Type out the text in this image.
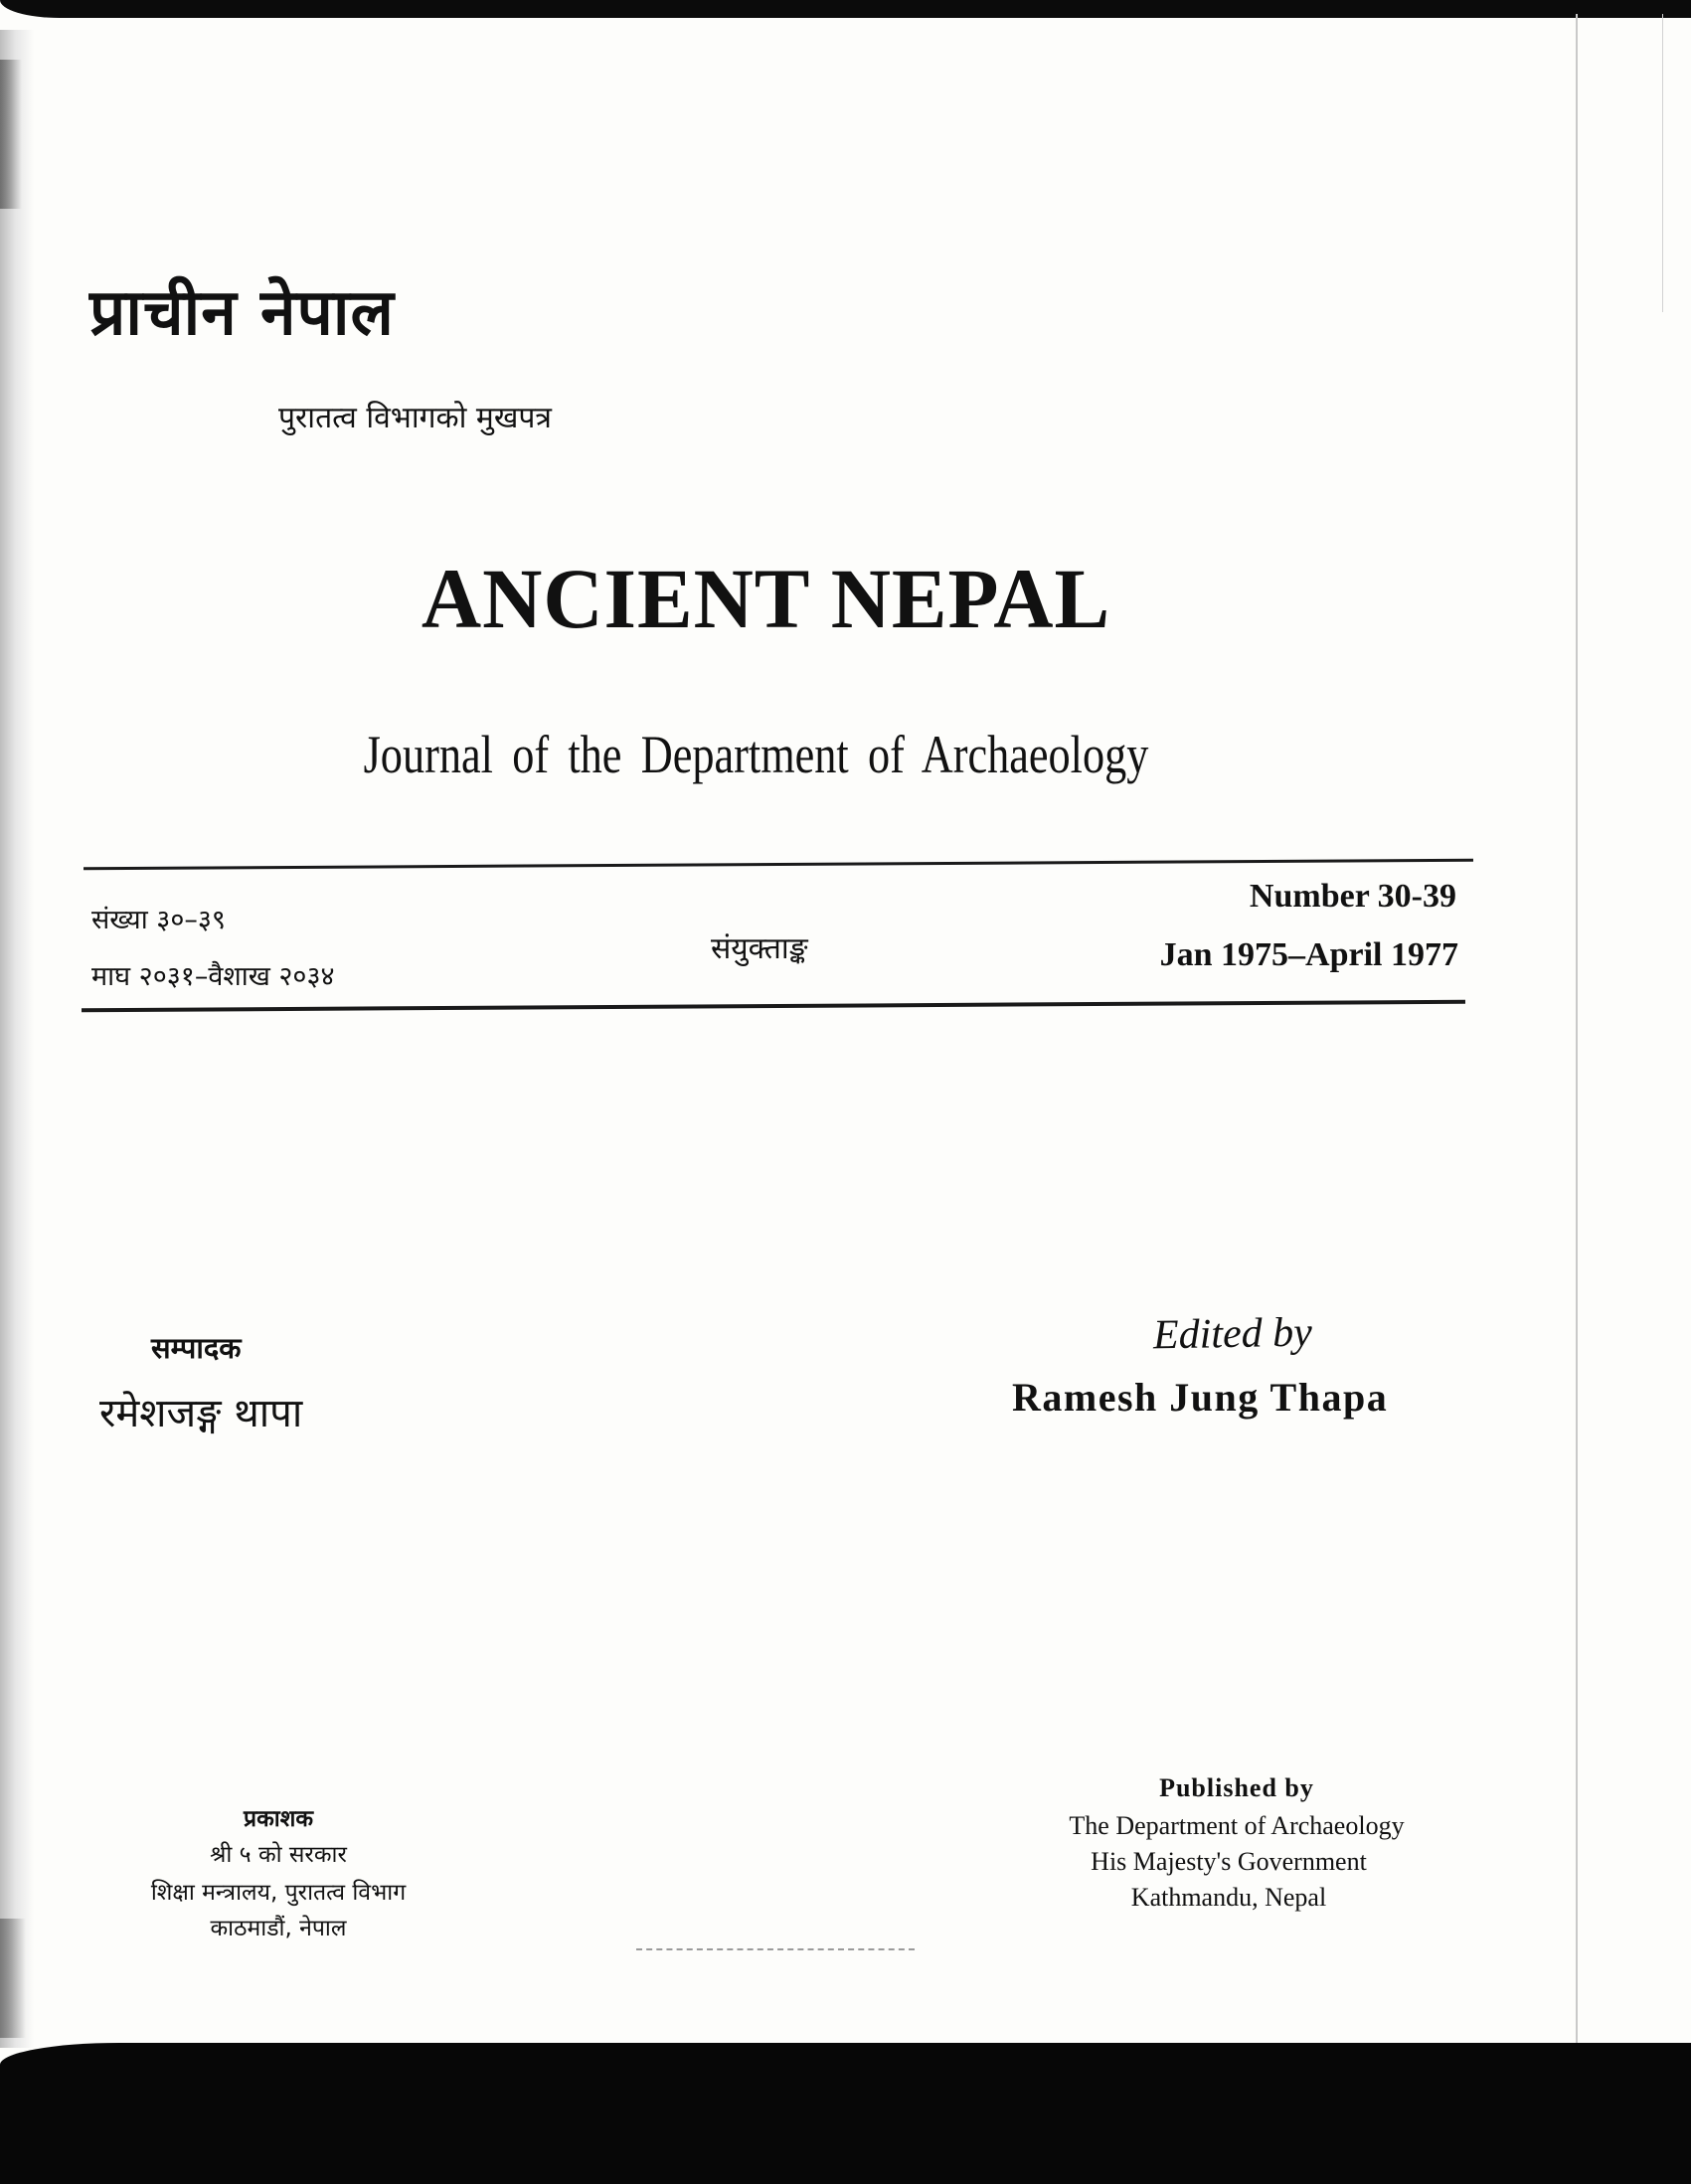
प्राचीन नेपाल

पुरातत्व विभागको मुखपत्र

ANCIENT NEPAL

Journal of the Department of Archaeology

संख्या ३०–३९

माघ २०३१–वैशाख २०३४

संयुक्ताङ्क

Number 30-39

Jan 1975–April 1977

सम्पादक

रमेशजङ्ग थापा

Edited by

Ramesh Jung Thapa

प्रकाशक

श्री ५ को सरकार

शिक्षा मन्त्रालय, पुरातत्व विभाग

काठमाडौं, नेपाल

Published by

The Department of Archaeology

His Majesty's Government

Kathmandu, Nepal
